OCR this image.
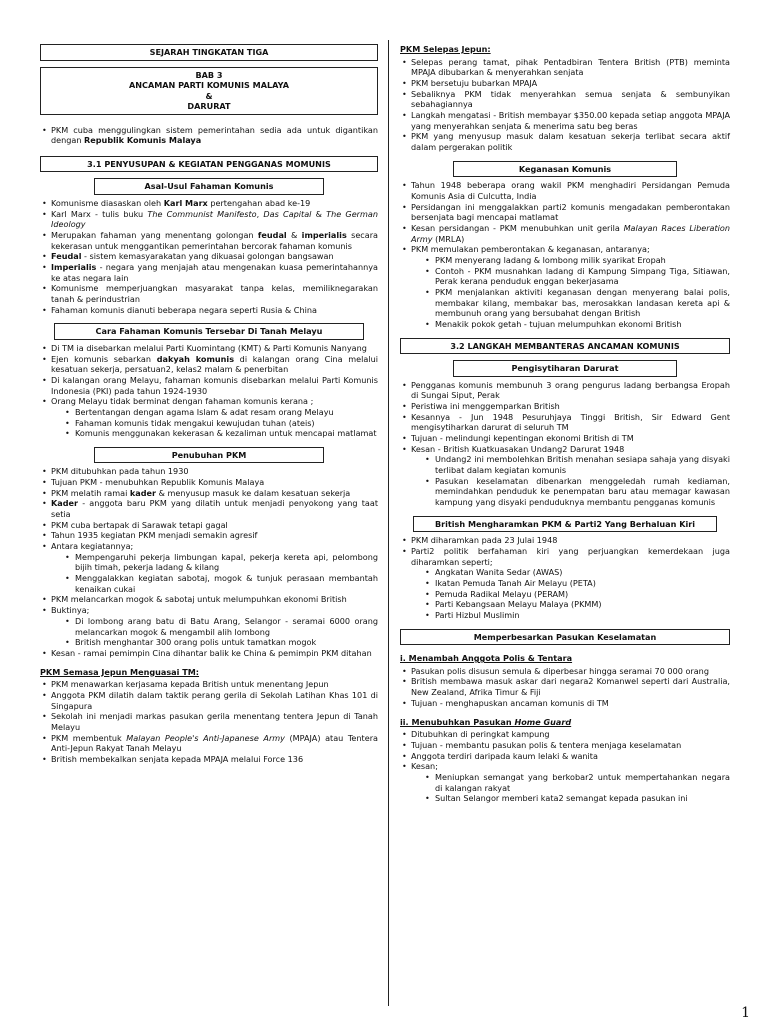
SEJARAH TINGKATAN TIGA
BAB 3
ANCAMAN PARTI KOMUNIS MALAYA
&
DARURAT
• PKM cuba menggulingkan sistem pemerintahan sedia ada untuk digantikan dengan Republik Komunis Malaya
3.1 PENYUSUPAN & KEGIATAN PENGGANAS MOMUNIS
Asal-Usul Fahaman Komunis
• Komunisme diasaskan oleh Karl Marx pertengahan abad ke-19
• Karl Marx - tulis buku The Communist Manifesto, Das Capital & The German Ideology
• Merupakan fahaman yang menentang golongan feudal & imperialis secara kekerasan untuk menggantikan pemerintahan bercorak fahaman komunis
• Feudal - sistem kemasyarakatan yang dikuasai golongan bangsawan
• Imperialis - negara yang menjajah atau mengenakan kuasa pemerintahannya ke atas negara lain
• Komunisme memperjuangkan masyarakat tanpa kelas, memiliknegarakan tanah & perindustrian
• Fahaman komunis dianuti beberapa negara seperti Rusia & China
Cara Fahaman Komunis Tersebar Di Tanah Melayu
• Di TM ia disebarkan melalui Parti Kuomintang (KMT) & Parti Komunis Nanyang
• Ejen komunis sebarkan dakyah komunis di kalangan orang Cina melalui kesatuan sekerja, persatuan2, kelas2 malam & penerbitan
• Di kalangan orang Melayu, fahaman komunis disebarkan melalui Parti Komunis Indonesia (PKI) pada tahun 1924-1930
• Orang Melayu tidak berminat dengan fahaman komunis kerana ;
• Bertentangan dengan agama Islam & adat resam orang Melayu
• Fahaman komunis tidak mengakui kewujudan tuhan (ateis)
• Komunis menggunakan kekerasan & kezaliman untuk mencapai matlamat
Penubuhan PKM
• PKM ditubuhkan pada tahun 1930
• Tujuan PKM - menubuhkan Republik Komunis Malaya
• PKM melatih ramai kader & menyusup masuk ke dalam kesatuan sekerja
• Kader - anggota baru PKM yang dilatih untuk menjadi penyokong yang taat setia
• PKM cuba bertapak di Sarawak tetapi gagal
• Tahun 1935 kegiatan PKM menjadi semakin agresif
• Antara kegiatannya;
• Mempengaruhi pekerja limbungan kapal, pekerja kereta api, pelombong bijih timah, pekerja ladang & kilang
• Menggalakkan kegiatan sabotaj, mogok & tunjuk perasaan membantah kenaikan cukai
• PKM melancarkan mogok & sabotaj untuk melumpuhkan ekonomi British
• Buktinya;
• Di lombong arang batu di Batu Arang, Selangor - seramai 6000 orang melancarkan mogok & mengambil alih lombong
• British menghantar 300 orang polis untuk tamatkan mogok
• Kesan - ramai pemimpin Cina dihantar balik ke China & pemimpin PKM ditahan
PKM Semasa Jepun Menguasai TM:
• PKM menawarkan kerjasama kepada British untuk menentang Jepun
• Anggota PKM dilatih dalam taktik perang gerila di Sekolah Latihan Khas 101 di Singapura
• Sekolah ini menjadi markas pasukan gerila menentang tentera Jepun di Tanah Melayu
• PKM membentuk Malayan People's Anti-Japanese Army (MPAJA) atau Tentera Anti-Jepun Rakyat Tanah Melayu
• British membekalkan senjata kepada MPAJA melalui Force 136
PKM Selepas Jepun:
• Selepas perang tamat, pihak Pentadbiran Tentera British (PTB) meminta MPAJA dibubarkan & menyerahkan senjata
• PKM bersetuju bubarkan MPAJA
• Sebaliknya PKM tidak menyerahkan semua senjata & sembunyikan sebahagiannya
• Langkah mengatasi - British membayar $350.00 kepada setiap anggota MPAJA yang menyerahkan senjata & menerima satu beg beras
• PKM yang menyusup masuk dalam kesatuan sekerja terlibat secara aktif dalam pergerakan politik
Keganasan Komunis
• Tahun 1948 beberapa orang wakil PKM menghadiri Persidangan Pemuda Komunis Asia di Culcutta, India
• Persidangan ini menggalakkan parti2 komunis mengadakan pemberontakan bersenjata bagi mencapai matlamat
• Kesan persidangan - PKM menubuhkan unit gerila Malayan Races Liberation Army (MRLA)
• PKM memulakan pemberontakan & keganasan, antaranya;
• PKM menyerang ladang & lombong milik syarikat Eropah
• Contoh - PKM musnahkan ladang di Kampung Simpang Tiga, Sitiawan, Perak kerana penduduk enggan bekerjasama
• PKM menjalankan aktiviti keganasan dengan menyerang balai polis, membakar kilang, membakar bas, merosakkan landasan kereta api & membunuh orang yang bersubahat dengan British
• Menakik pokok getah - tujuan melumpuhkan ekonomi British
3.2 LANGKAH MEMBANTERAS ANCAMAN KOMUNIS
Pengisytiharan Darurat
• Pengganas komunis membunuh 3 orang pengurus ladang berbangsa Eropah di Sungai Siput, Perak
• Peristiwa ini menggemparkan British
• Kesannya - Jun 1948 Pesuruhjaya Tinggi British, Sir Edward Gent mengisytiharkan darurat di seluruh TM
• Tujuan - melindungi kepentingan ekonomi British di TM
• Kesan - British Kuatkuasakan Undang2 Darurat 1948
• Undang2 ini membolehkan British menahan sesiapa sahaja yang disyaki terlibat dalam kegiatan komunis
• Pasukan keselamatan dibenarkan menggeledah rumah kediaman, memindahkan penduduk ke penempatan baru atau memagar kawasan kampung yang disyaki penduduknya membantu pengganas komunis
British Mengharamkan PKM & Parti2 Yang Berhaluan Kiri
• PKM diharamkan pada 23 Julai 1948
• Parti2 politik berfahaman kiri yang perjuangkan kemerdekaan juga diharamkan seperti;
• Angkatan Wanita Sedar (AWAS)
• Ikatan Pemuda Tanah Air Melayu (PETA)
• Pemuda Radikal Melayu (PERAM)
• Parti Kebangsaan Melayu Malaya (PKMM)
• Parti Hizbul Muslimin
Memperbesarkan Pasukan Keselamatan
i. Menambah Anggota Polis & Tentara
• Pasukan polis disusun semula & diperbesar hingga seramai 70 000 orang
• British membawa masuk askar dari negara2 Komanwel seperti dari Australia, New Zealand, Afrika Timur & Fiji
• Tujuan - menghapuskan ancaman komunis di TM
ii. Menubuhkan Pasukan Home Guard
• Ditubuhkan di peringkat kampung
• Tujuan - membantu pasukan polis & tentera menjaga keselamatan
• Anggota terdiri daripada kaum lelaki & wanita
• Kesan;
• Meniupkan semangat yang berkobar2 untuk mempertahankan negara di kalangan rakyat
• Sultan Selangor memberi kata2 semangat kepada pasukan ini
1
